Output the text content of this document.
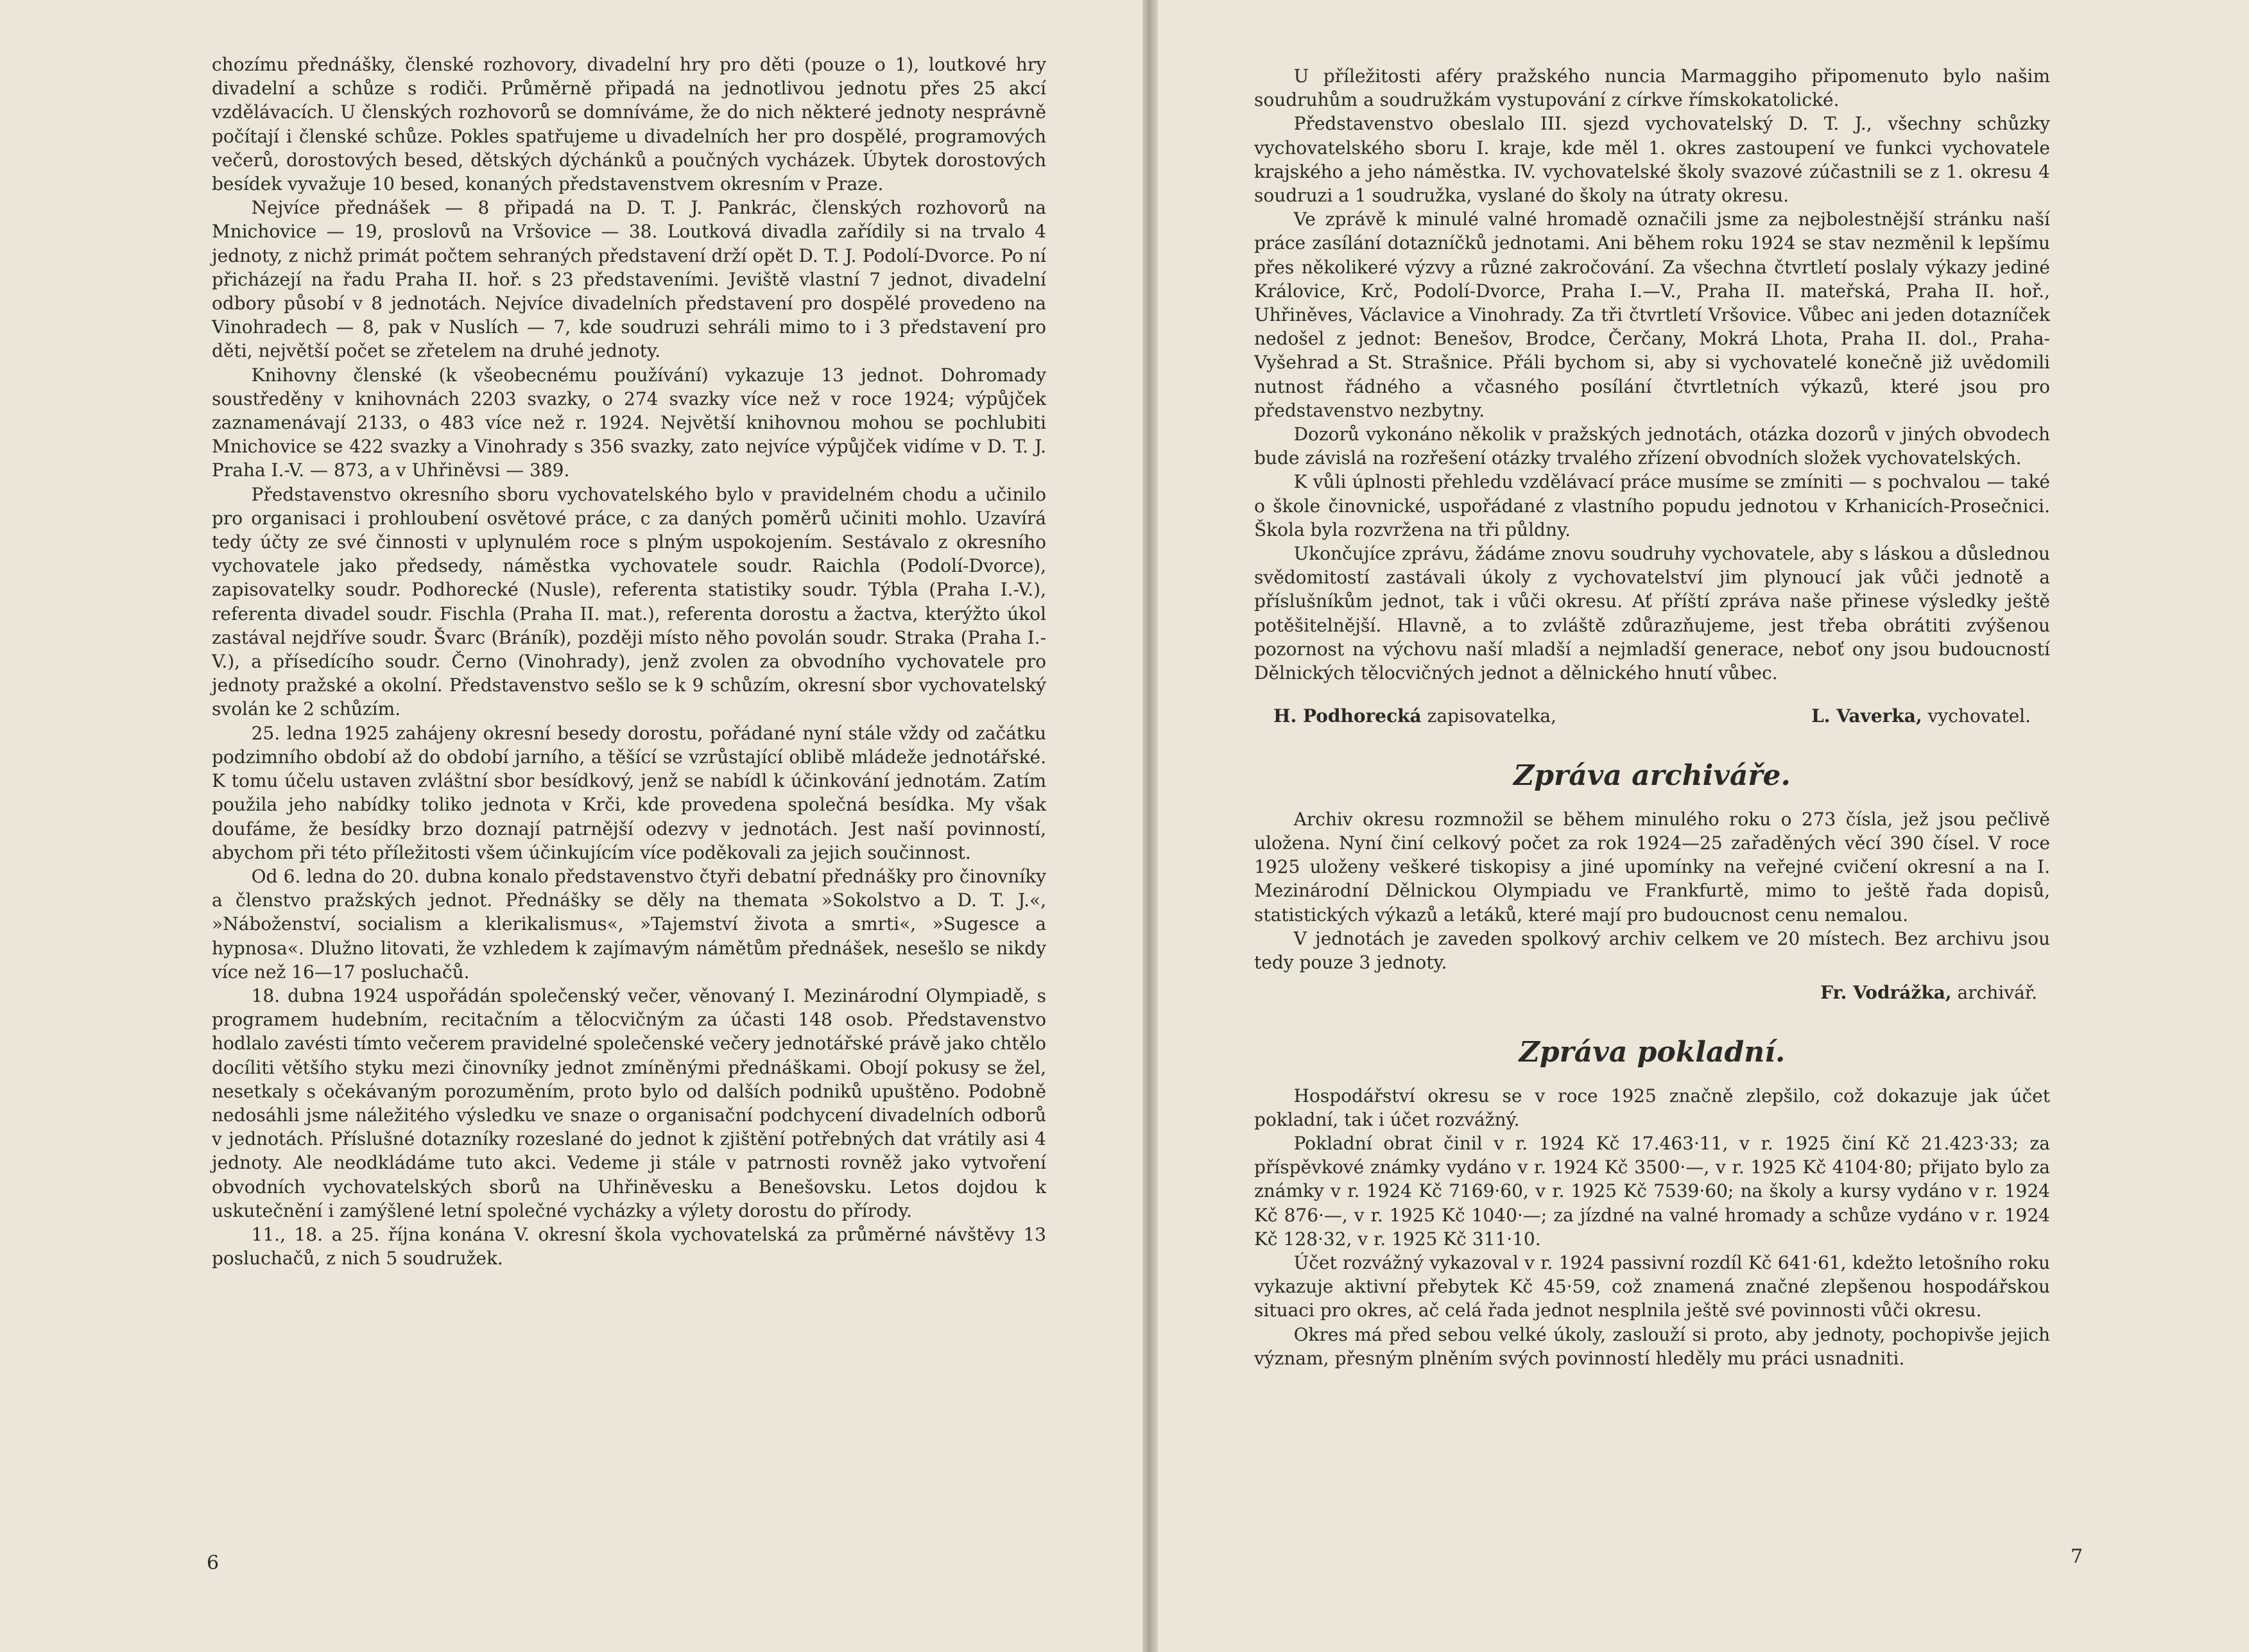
chozímu přednášky, členské rozhovory, divadelní hry pro děti (pouze o 1), loutkové hry divadelní a schůze s rodiči. Průměrně připadá na jednotlivou jednotu přes 25 akcí vzdělávacích. U členských rozhovorů se domníváme, že do nich některé jednoty nesprávně počítají i členské schůze. Pokles spatřujeme u divadelních her pro dospělé, programových večerů, dorostových besed, dětských dýchánků a poučných vycházek. Úbytek dorostových besídek vyvažuje 10 besed, konaných představenstvem okresním v Praze.

Nejvíce přednášek — 8 připadá na D. T. J. Pankrác, členských rozhovorů na Mnichovice — 19, proslovů na Vršovice — 38. Loutková divadla zařídily si na trvalo 4 jednoty, z nichž primát počtem sehraných představení drží opět D. T. J. Podolí-Dvorce. Po ní přicházejí na řadu Praha II. hoř. s 23 představeními. Jeviště vlastní 7 jednot, divadelní odbory působí v 8 jednotách. Nejvíce divadelních představení pro dospělé provedeno na Vinohradech — 8, pak v Nuslích — 7, kde soudruzi sehráli mimo to i 3 představení pro děti, největší počet se zřetelem na druhé jednoty.

Knihovny členské (k všeobecnému používání) vykazuje 13 jednot. Dohromady soustředěny v knihovnách 2203 svazky, o 274 svazky více než v roce 1924; výpůjček zaznamenávají 2133, o 483 více než r. 1924. Největší knihovnou mohou se pochlubiti Mnichovice se 422 svazky a Vinohrady s 356 svazky, zato nejvíce výpůjček vidíme v D. T. J. Praha I.-V. — 873, a v Uhřiněvsi — 389.

Představenstvo okresního sboru vychovatelského bylo v pravidelném chodu a učinilo pro organisaci i prohloubení osvětové práce, c za daných poměrů učiniti mohlo. Uzavírá tedy účty ze své činnosti v uplynulém roce s plným uspokojením. Sestávalo z okresního vychovatele jako předsedy, náměstka vychovatele soudr. Raichla (Podolí-Dvorce), zapisovatelky soudr. Podhorecké (Nusle), referenta statistiky soudr. Týbla (Praha I.-V.), referenta divadel soudr. Fischla (Praha II. mat.), referenta dorostu a žactva, kterýžto úkol zastával nejdříve soudr. Švarc (Bráník), později místo něho povolán soudr. Straka (Praha I.-V.), a přísedícího soudr. Černo (Vinohrady), jenž zvolen za obvodního vychovatele pro jednoty pražské a okolní. Představenstvo sešlo se k 9 schůzím, okresní sbor vychovatelský svolán ke 2 schůzím.

25. ledna 1925 zahájeny okresní besedy dorostu, pořádané nyní stále vždy od začátku podzimního období až do období jarního, a těšící se vzrůstající oblibě mládeže jednotářské. K tomu účelu ustaven zvláštní sbor besídkový, jenž se nabídl k účinkování jednotám. Zatím použila jeho nabídky toliko jednota v Krči, kde provedena společná besídka. My však doufáme, že besídky brzo doznají patrnější odezvy v jednotách. Jest naší povinností, abychom při této příležitosti všem účinkujícím více poděkovali za jejich součinnost.

Od 6. ledna do 20. dubna konalo představenstvo čtyři debatní přednášky pro činovníky a členstvo pražských jednot. Přednášky se děly na themata »Sokolstvo a D. T. J.«, »Náboženství, socialism a klerikalismus«, »Tajemství života a smrti«, »Sugesce a hypnosa«. Dlužno litovati, že vzhledem k zajímavým námětům přednášek, nesešlo se nikdy více než 16—17 posluchačů.

18. dubna 1924 uspořádán společenský večer, věnovaný I. Mezinárodní Olympiadě, s programem hudebním, recitačním a tělocvičným za účasti 148 osob. Představenstvo hodlalo zavésti tímto večerem pravidelné společenské večery jednotářské právě jako chtělo docíliti většího styku mezi činovníky jednot zmíněnými přednáškami. Obojí pokusy se žel, nesetkaly s očekávaným porozuměním, proto bylo od dalších podniků upuštěno. Podobně nedosáhli jsme náležitého výsledku ve snaze o organisační podchycení divadelních odborů v jednotách. Příslušné dotazníky rozeslané do jednot k zjištění potřebných dat vrátily asi 4 jednoty. Ale neodkládáme tuto akci. Vedeme ji stále v patrnosti rovněž jako vytvoření obvodních vychovatelských sborů na Uhřiněvesku a Benešovsku. Letos dojdou k uskutečnění i zamýšlené letní společné vycházky a výlety dorostu do přírody.

11., 18. a 25. října konána V. okresní škola vychovatelská za průměrné návštěvy 13 posluchačů, z nich 5 soudružek.

6

U příležitosti aféry pražského nuncia Marmaggiho připomenuto bylo našim soudruhům a soudružkám vystupování z církve římskokatolické.

Představenstvo obeslalo III. sjezd vychovatelský D. T. J., všechny schůzky vychovatelského sboru I. kraje, kde měl 1. okres zastoupení ve funkci vychovatele krajského a jeho náměstka. IV. vychovatelské školy svazové zúčastnili se z 1. okresu 4 soudruzi a 1 soudružka, vyslané do školy na útraty okresu.

Ve zprávě k minulé valné hromadě označili jsme za nejbolestnější stránku naší práce zasílání dotazníčků jednotami. Ani během roku 1924 se stav nezměnil k lepšímu přes několikeré výzvy a různé zakročování. Za všechna čtvrtletí poslaly výkazy jediné Královice, Krč, Podolí-Dvorce, Praha I.—V., Praha II. mateřská, Praha II. hoř., Uhřiněves, Václavice a Vinohrady. Za tři čtvrtletí Vršovice. Vůbec ani jeden dotazníček nedošel z jednot: Benešov, Brodce, Čerčany, Mokrá Lhota, Praha II. dol., Praha-Vyšehrad a St. Strašnice. Přáli bychom si, aby si vychovatelé konečně již uvědomili nutnost řádného a včasného posílání čtvrtletních výkazů, které jsou pro představenstvo nezbytny.

Dozorů vykonáno několik v pražských jednotách, otázka dozorů v jiných obvodech bude závislá na rozřešení otázky trvalého zřízení obvodních složek vychovatelských.

K vůli úplnosti přehledu vzdělávací práce musíme se zmíniti — s pochvalou — také o škole činovnické, uspořádané z vlastního popudu jednotou v Krhanicích-Prosečnici. Škola byla rozvržena na tři půldny.

Ukončujíce zprávu, žádáme znovu soudruhy vychovatele, aby s láskou a důslednou svědomitostí zastávali úkoly z vychovatelství jim plynoucí jak vůči jednotě a příslušníkům jednot, tak i vůči okresu. Ať příští zpráva naše přinese výsledky ještě potěšitelnější. Hlavně, a to zvláště zdůrazňujeme, jest třeba obrátiti zvýšenou pozornost na výchovu naší mladší a nejmladší generace, neboť ony jsou budoucností Dělnických tělocvičných jednot a dělnického hnutí vůbec.

H. Podhorecká zapisovatelka,	L. Vaverka, vychovatel.
Zpráva archiváře.

Archiv okresu rozmnožil se během minulého roku o 273 čísla, jež jsou pečlivě uložena. Nyní činí celkový počet za rok 1924—25 zařaděných věcí 390 čísel. V roce 1925 uloženy veškeré tiskopisy a jiné upomínky na veřejné cvičení okresní a na I. Mezinárodní Dělnickou Olympiadu ve Frankfurtě, mimo to ještě řada dopisů, statistických výkazů a letáků, které mají pro budoucnost cenu nemalou.

V jednotách je zaveden spolkový archiv celkem ve 20 místech. Bez archivu jsou tedy pouze 3 jednoty.

Fr. Vodrážka, archivář.
Zpráva pokladní.

Hospodářství okresu se v roce 1925 značně zlepšilo, což dokazuje jak účet pokladní, tak i účet rozvážný.

Pokladní obrat činil v r. 1924 Kč 17.463·11, v r. 1925 činí Kč 21.423·33; za příspěvkové známky vydáno v r. 1924 Kč 3500·—, v r. 1925 Kč 4104·80; přijato bylo za známky v r. 1924 Kč 7169·60, v r. 1925 Kč 7539·60; na školy a kursy vydáno v r. 1924 Kč 876·—, v r. 1925 Kč 1040·—; za jízdné na valné hromady a schůze vydáno v r. 1924 Kč 128·32, v r. 1925 Kč 311·10.

Účet rozvážný vykazoval v r. 1924 passivní rozdíl Kč 641·61, kdežto letošního roku vykazuje aktivní přebytek Kč 45·59, což znamená značné zlepšenou hospodářskou situaci pro okres, ač celá řada jednot nesplnila ještě své povinnosti vůči okresu.

Okres má před sebou velké úkoly, zaslouží si proto, aby jednoty, pochopivše jejich význam, přesným plněním svých povinností hleděly mu práci usnadniti.

7
